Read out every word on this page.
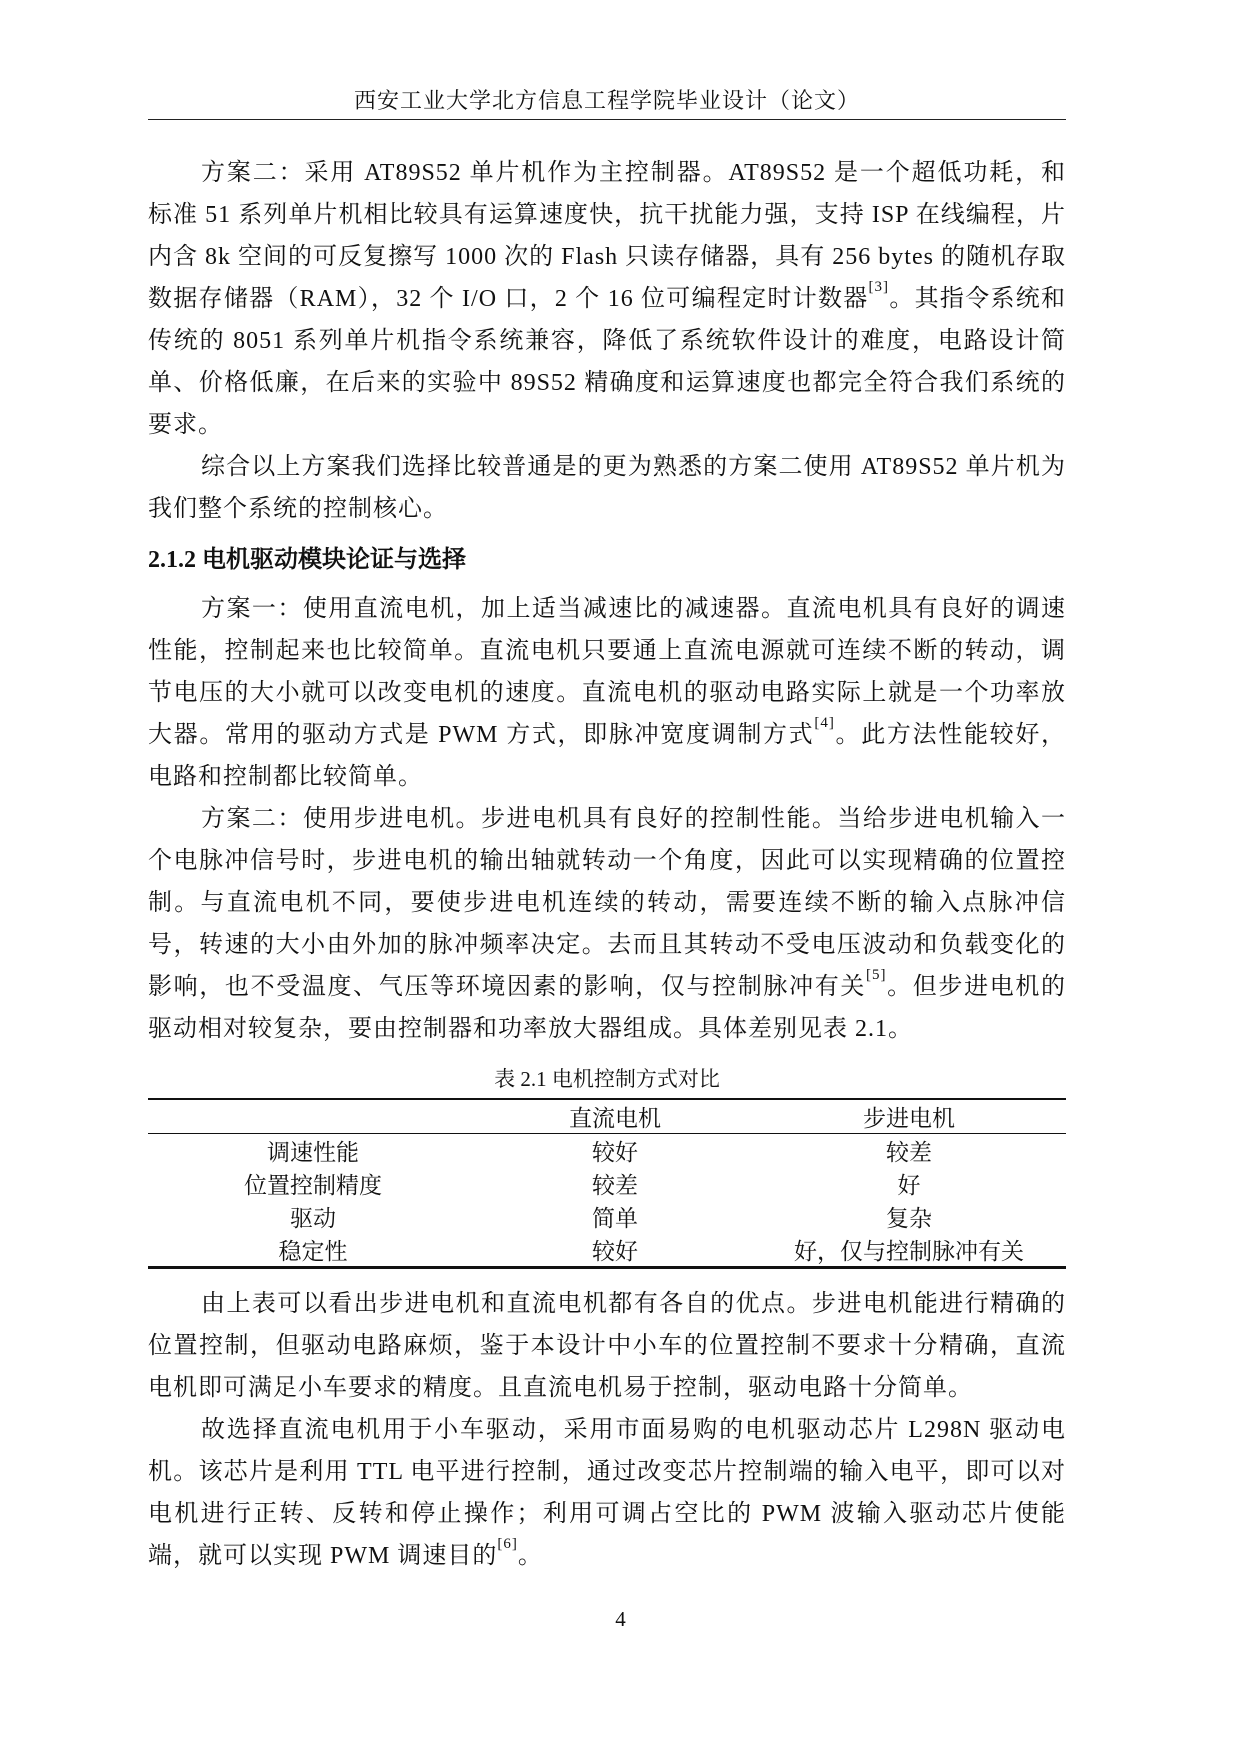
西安工业大学北方信息工程学院毕业设计（论文）

方案二：采用 AT89S52 单片机作为主控制器。AT89S52 是一个超低功耗，和标准 51 系列单片机相比较具有运算速度快，抗干扰能力强，支持 ISP 在线编程，片内含 8k 空间的可反复擦写 1000 次的 Flash 只读存储器，具有 256 bytes 的随机存取数据存储器（RAM），32 个 I/O 口，2 个 16 位可编程定时计数器[3]。其指令系统和传统的 8051 系列单片机指令系统兼容，降低了系统软件设计的难度，电路设计简单、价格低廉，在后来的实验中 89S52 精确度和运算速度也都完全符合我们系统的要求。

综合以上方案我们选择比较普通是的更为熟悉的方案二使用 AT89S52 单片机为我们整个系统的控制核心。

2.1.2 电机驱动模块论证与选择

方案一：使用直流电机，加上适当减速比的减速器。直流电机具有良好的调速性能，控制起来也比较简单。直流电机只要通上直流电源就可连续不断的转动，调节电压的大小就可以改变电机的速度。直流电机的驱动电路实际上就是一个功率放大器。常用的驱动方式是 PWM 方式，即脉冲宽度调制方式[4]。此方法性能较好，电路和控制都比较简单。

方案二：使用步进电机。步进电机具有良好的控制性能。当给步进电机输入一个电脉冲信号时，步进电机的输出轴就转动一个角度，因此可以实现精确的位置控制。与直流电机不同，要使步进电机连续的转动，需要连续不断的输入点脉冲信号，转速的大小由外加的脉冲频率决定。去而且其转动不受电压波动和负载变化的影响，也不受温度、气压等环境因素的影响，仅与控制脉冲有关[5]。但步进电机的驱动相对较复杂，要由控制器和功率放大器组成。具体差别见表 2.1。

表 2.1 电机控制方式对比
	直流电机	步进电机
调速性能	较好	较差
位置控制精度	较差	好
驱动	简单	复杂
稳定性	较好	好，仅与控制脉冲有关

由上表可以看出步进电机和直流电机都有各自的优点。步进电机能进行精确的位置控制，但驱动电路麻烦，鉴于本设计中小车的位置控制不要求十分精确，直流电机即可满足小车要求的精度。且直流电机易于控制，驱动电路十分简单。

故选择直流电机用于小车驱动，采用市面易购的电机驱动芯片 L298N 驱动电机。该芯片是利用 TTL 电平进行控制，通过改变芯片控制端的输入电平，即可以对电机进行正转、反转和停止操作；利用可调占空比的 PWM 波输入驱动芯片使能端，就可以实现 PWM 调速目的[6]。

4
